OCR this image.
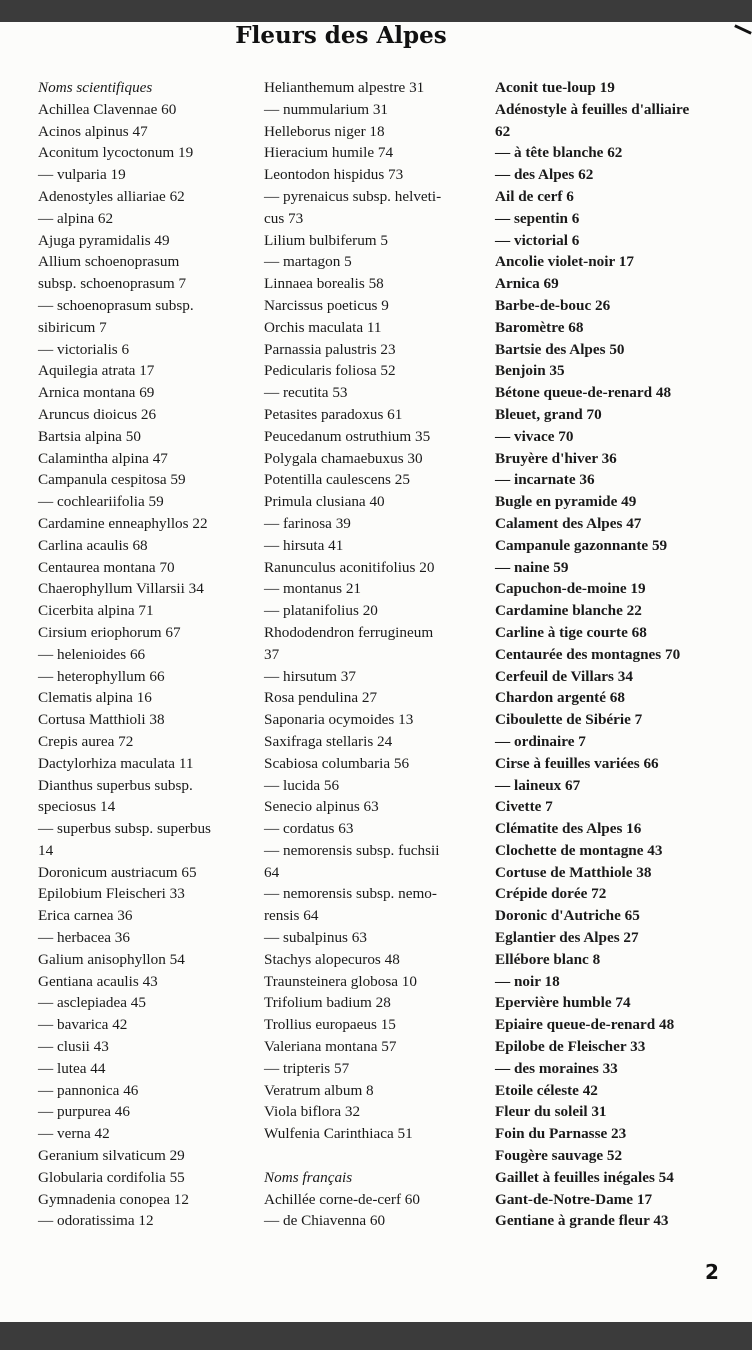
Fleurs des Alpes
Noms scientifiques
Achillea Clavennae 60
Acinos alpinus 47
Aconitum lycoctonum 19
— vulparia 19
Adenostyles alliariae 62
— alpina 62
Ajuga pyramidalis 49
Allium schoenoprasum
subsp. schoenoprasum 7
— schoenoprasum subsp.
sibiricum 7
— victorialis 6
Aquilegia atrata 17
Arnica montana 69
Aruncus dioicus 26
Bartsia alpina 50
Calamintha alpina 47
Campanula cespitosa 59
— cochleariifolia 59
Cardamine enneaphyllos 22
Carlina acaulis 68
Centaurea montana 70
Chaerophyllum Villarsii 34
Cicerbita alpina 71
Cirsium eriophorum 67
— helenioides 66
— heterophyllum 66
Clematis alpina 16
Cortusa Matthioli 38
Crepis aurea 72
Dactylorhiza maculata 11
Dianthus superbus subsp.
speciosus 14
— superbus subsp. superbus
14
Doronicum austriacum 65
Epilobium Fleischeri 33
Erica carnea 36
— herbacea 36
Galium anisophyllon 54
Gentiana acaulis 43
— asclepiadea 45
— bavarica 42
— clusii 43
— lutea 44
— pannonica 46
— purpurea 46
— verna 42
Geranium silvaticum 29
Globularia cordifolia 55
Gymnadenia conopea 12
— odoratissima 12
Helianthemum alpestre 31
— nummularium 31
Helleborus niger 18
Hieracium humile 74
Leontodon hispidus 73
— pyrenaicus subsp. helveti-
cus 73
Lilium bulbiferum 5
— martagon 5
Linnaea borealis 58
Narcissus poeticus 9
Orchis maculata 11
Parnassia palustris 23
Pedicularis foliosa 52
— recutita 53
Petasites paradoxus 61
Peucedanum ostruthium 35
Polygala chamaebuxus 30
Potentilla caulescens 25
Primula clusiana 40
— farinosa 39
— hirsuta 41
Ranunculus aconitifolius 20
— montanus 21
— platanifolius 20
Rhododendron ferrugineum
37
— hirsutum 37
Rosa pendulina 27
Saponaria ocymoides 13
Saxifraga stellaris 24
Scabiosa columbaria 56
— lucida 56
Senecio alpinus 63
— cordatus 63
— nemorensis subsp. fuchsii
64
— nemorensis subsp. nemo-
rensis 64
— subalpinus 63
Stachys alopecuros 48
Traunsteinera globosa 10
Trifolium badium 28
Trollius europaeus 15
Valeriana montana 57
— tripteris 57
Veratrum album 8
Viola biflora 32
Wulfenia Carinthiaca 51
Noms français
Achillée corne-de-cerf 60
— de Chiavenna 60
Aconit tue-loup 19
Adénostyle à feuilles d'alliaire
62
— à tête blanche 62
— des Alpes 62
Ail de cerf 6
— sepentin 6
— victorial 6
Ancolie violet-noir 17
Arnica 69
Barbe-de-bouc 26
Baromètre 68
Bartsie des Alpes 50
Benjoin 35
Bétone queue-de-renard 48
Bleuet, grand 70
— vivace 70
Bruyère d'hiver 36
— incarnate 36
Bugle en pyramide 49
Calament des Alpes 47
Campanule gazonnante 59
— naine 59
Capuchon-de-moine 19
Cardamine blanche 22
Carline à tige courte 68
Centaurée des montagnes 70
Cerfeuil de Villars 34
Chardon argenté 68
Ciboulette de Sibérie 7
— ordinaire 7
Cirse à feuilles variées 66
— laineux 67
Civette 7
Clématite des Alpes 16
Clochette de montagne 43
Cortuse de Matthiole 38
Crépide dorée 72
Doronic d'Autriche 65
Eglantier des Alpes 27
Ellébore blanc 8
— noir 18
Epervière humble 74
Epiaire queue-de-renard 48
Epilobe de Fleischer 33
— des moraines 33
Etoile céleste 42
Fleur du soleil 31
Foin du Parnasse 23
Fougère sauvage 52
Gaillet à feuilles inégales 54
Gant-de-Notre-Dame 17
Gentiane à grande fleur 43
2
